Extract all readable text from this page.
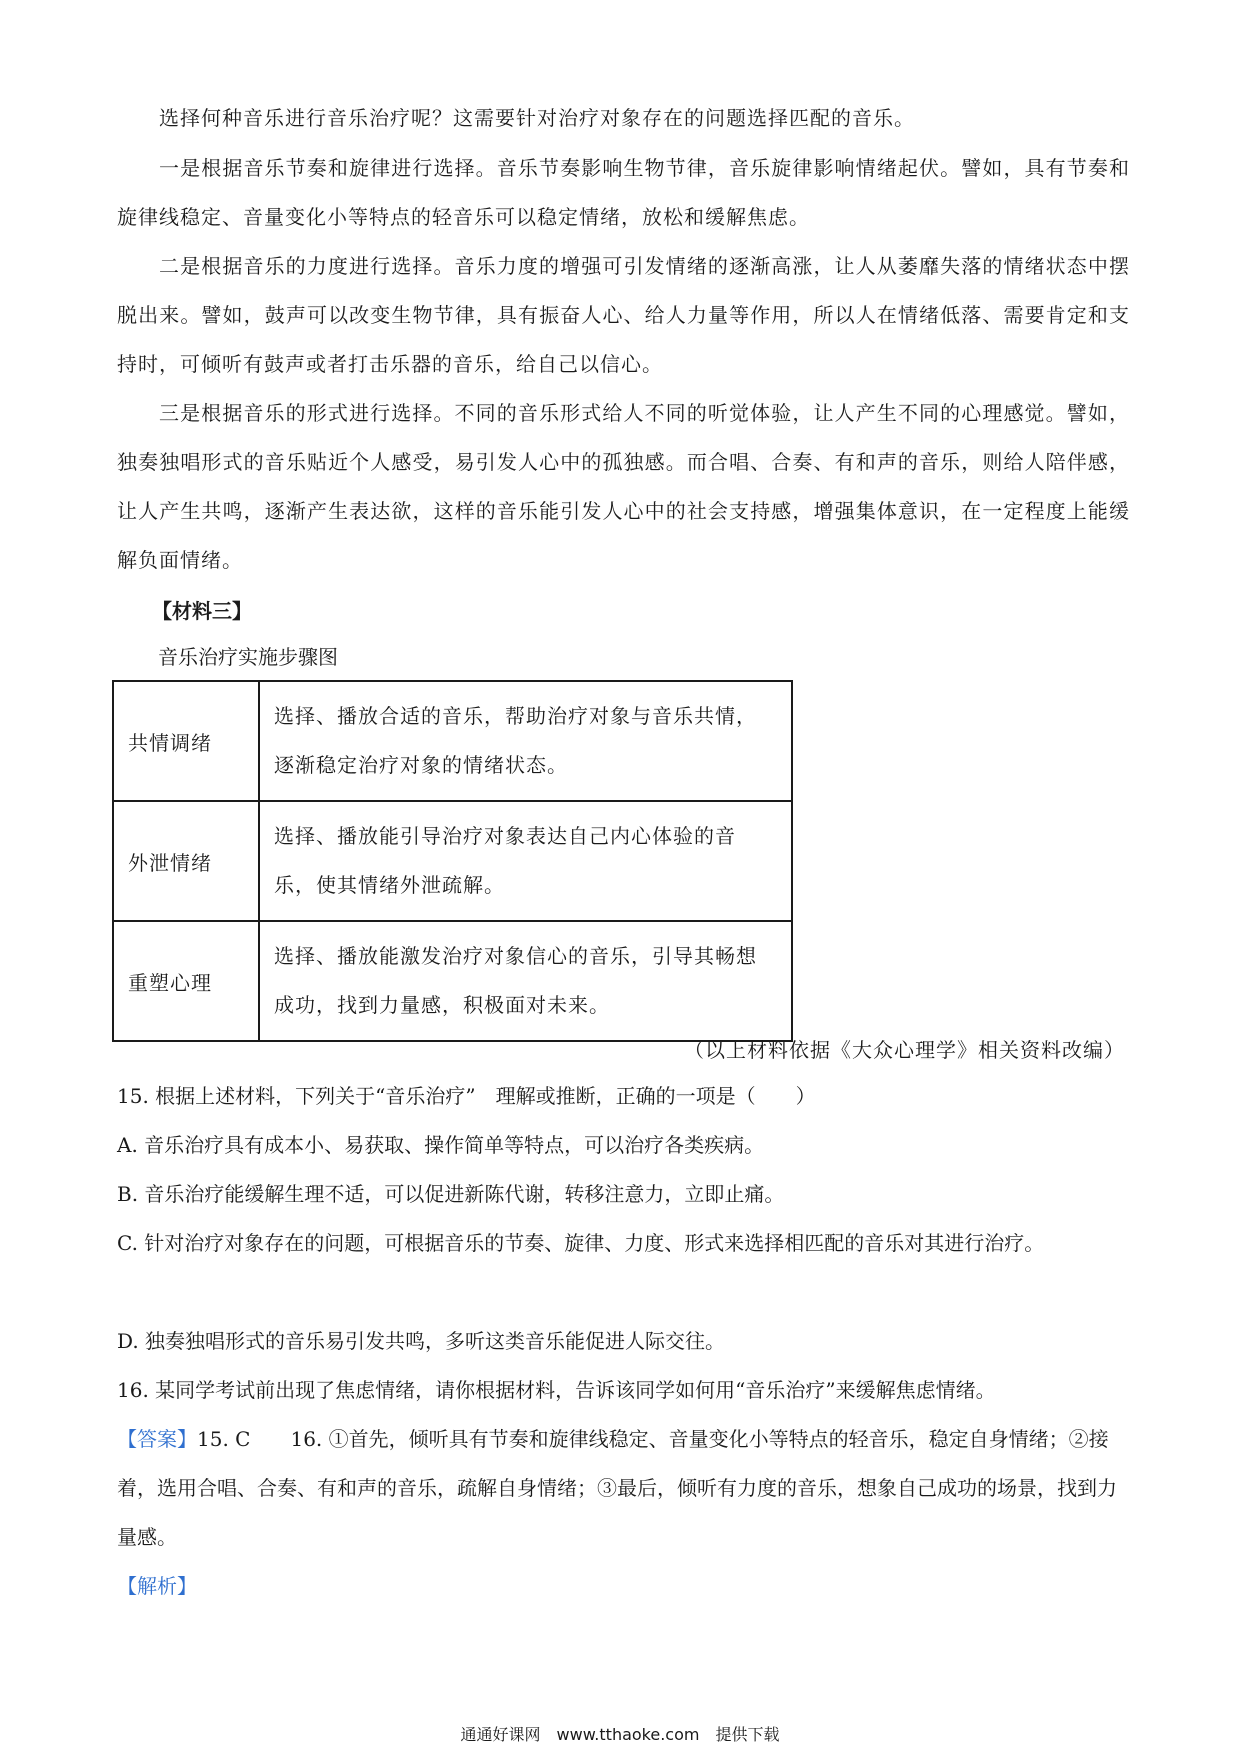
选择何种音乐进行音乐治疗呢？这需要针对治疗对象存在的问题选择匹配的音乐。

一是根据音乐节奏和旋律进行选择。音乐节奏影响生物节律，音乐旋律影响情绪起伏。譬如，具有节奏和旋律线稳定、音量变化小等特点的轻音乐可以稳定情绪，放松和缓解焦虑。

二是根据音乐的力度进行选择。音乐力度的增强可引发情绪的逐渐高涨，让人从萎靡失落的情绪状态中摆脱出来。譬如，鼓声可以改变生物节律，具有振奋人心、给人力量等作用，所以人在情绪低落、需要肯定和支持时，可倾听有鼓声或者打击乐器的音乐，给自己以信心。

三是根据音乐的形式进行选择。不同的音乐形式给人不同的听觉体验，让人产生不同的心理感觉。譬如，独奏独唱形式的音乐贴近个人感受，易引发人心中的孤独感。而合唱、合奏、有和声的音乐，则给人陪伴感，让人产生共鸣，逐渐产生表达欲，这样的音乐能引发人心中的社会支持感，增强集体意识，在一定程度上能缓解负面情绪。

【材料三】
音乐治疗实施步骤图
共情调绪	选择、播放合适的音乐，帮助治疗对象与音乐共情，逐渐稳定治疗对象的情绪状态。
外泄情绪	选择、播放能引导治疗对象表达自己内心体验的音乐，使其情绪外泄疏解。
重塑心理	选择、播放能激发治疗对象信心的音乐，引导其畅想成功，找到力量感，积极面对未来。
（以上材料依据《大众心理学》相关资料改编）

15. 根据上述材料，下列关于“音乐治疗”　理解或推断，正确的一项是（　　）

A. 音乐治疗具有成本小、易获取、操作简单等特点，可以治疗各类疾病。

B. 音乐治疗能缓解生理不适，可以促进新陈代谢，转移注意力，立即止痛。

C. 针对治疗对象存在的问题，可根据音乐的节奏、旋律、力度、形式来选择相匹配的音乐对其进行治疗。

D. 独奏独唱形式的音乐易引发共鸣，多听这类音乐能促进人际交往。

16. 某同学考试前出现了焦虑情绪，请你根据材料，告诉该同学如何用“音乐治疗”来缓解焦虑情绪。

【答案】15. C　　16. ①首先，倾听具有节奏和旋律线稳定、音量变化小等特点的轻音乐，稳定自身情绪；②接着，选用合唱、合奏、有和声的音乐，疏解自身情绪；③最后，倾听有力度的音乐，想象自己成功的场景，找到力量感。

【解析】

通通好课网　www.tthaoke.com　提供下载
